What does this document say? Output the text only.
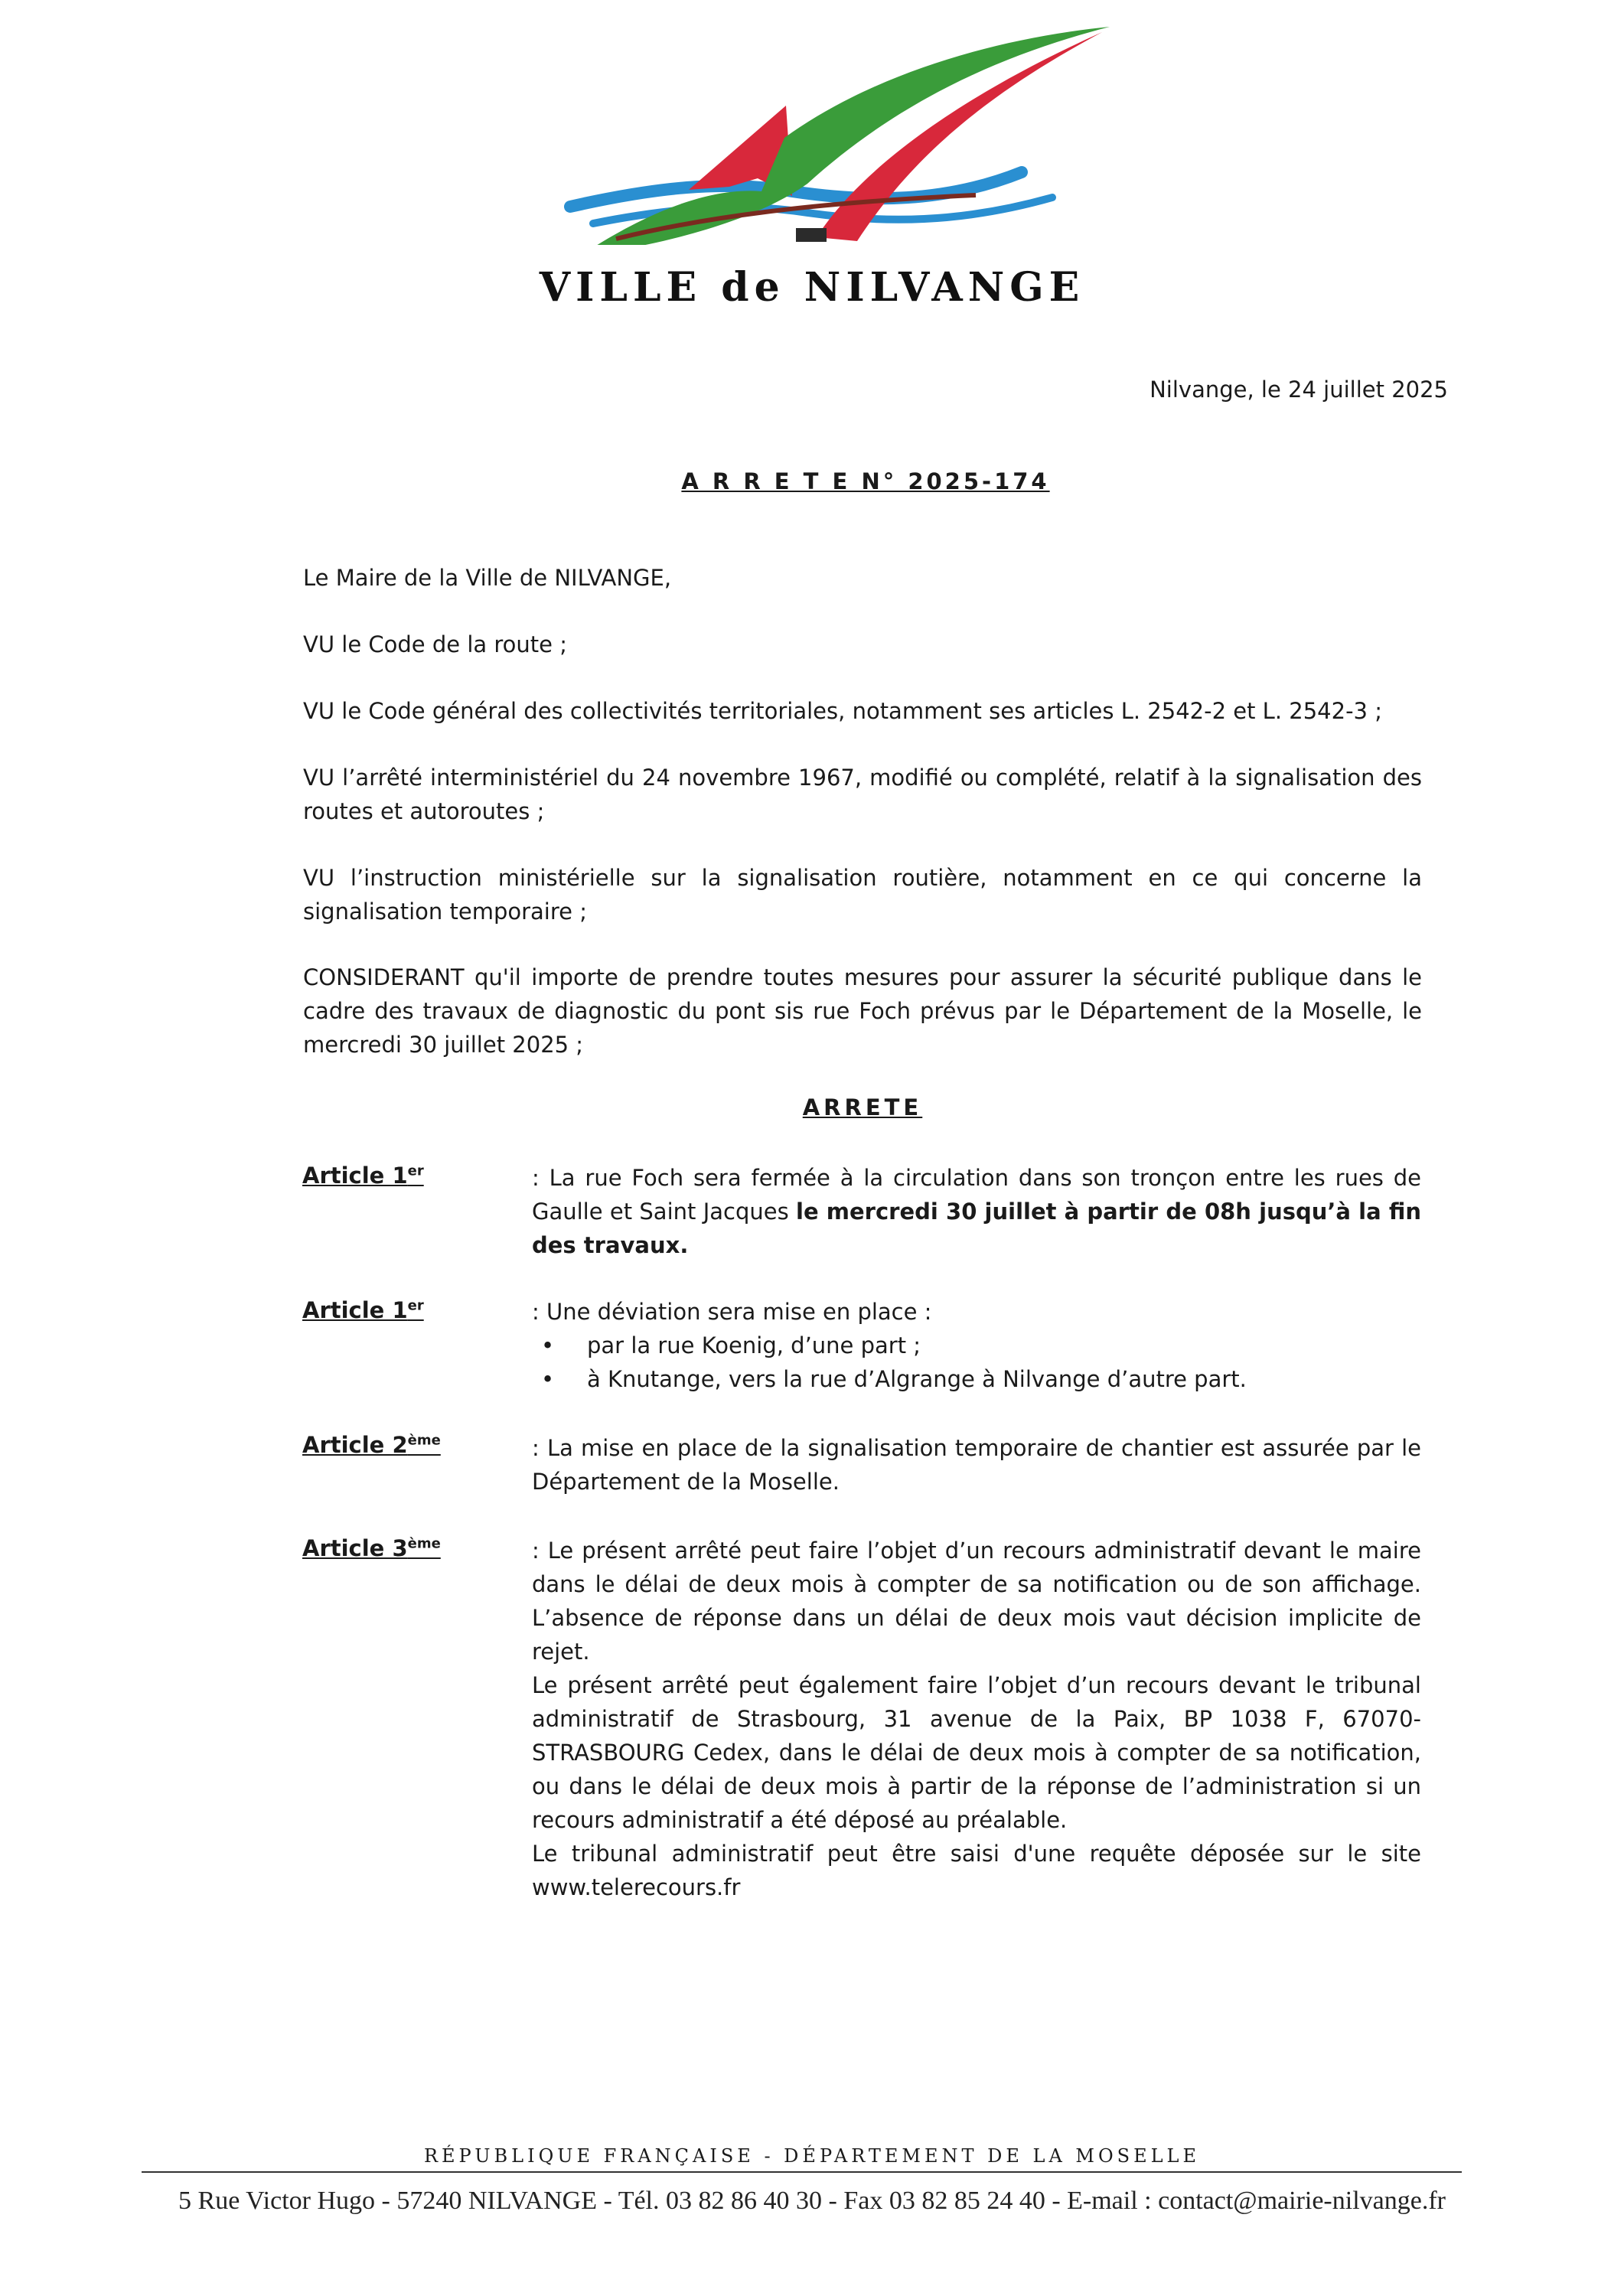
VILLE de NILVANGE
Nilvange, le 24 juillet 2025
A R R E T E N° 2025-174
Le Maire de la Ville de NILVANGE,
VU le Code de la route ;
VU le Code général des collectivités territoriales, notamment ses articles L. 2542-2 et L. 2542-3 ;
VU l’arrêté interministériel du 24 novembre 1967, modifié ou complété, relatif à la signalisation des routes et autoroutes ;
VU l’instruction ministérielle sur la signalisation routière, notamment en ce qui concerne la signalisation temporaire ;
CONSIDERANT qu'il importe de prendre toutes mesures pour assurer la sécurité publique dans le cadre des travaux de diagnostic du pont sis rue Foch prévus par le Département de la Moselle, le mercredi 30 juillet 2025 ;
ARRETE
Article 1er	: La rue Foch sera fermée à la circulation dans son tronçon entre les rues de Gaulle et Saint Jacques le mercredi 30 juillet à partir de 08h jusqu’à la fin des travaux.
Article 1er	: Une déviation sera mise en place :

• par la rue Koenig, d’une part ;
• à Knutange, vers la rue d’Algrange à Nilvange d’autre part.
Article 2ème	: La mise en place de la signalisation temporaire de chantier est assurée par le Département de la Moselle.
Article 3ème	: Le présent arrêté peut faire l’objet d’un recours administratif devant le maire dans le délai de deux mois à compter de sa notification ou de son affichage. L’absence de réponse dans un délai de deux mois vaut décision implicite de rejet.

Le présent arrêté peut également faire l’objet d’un recours devant le tribunal administratif de Strasbourg, 31 avenue de la Paix, BP 1038 F, 67070-STRASBOURG Cedex, dans le délai de deux mois à compter de sa notification, ou dans le délai de deux mois à partir de la réponse de l’administration si un recours administratif a été déposé au préalable.

Le tribunal administratif peut être saisi d'une requête déposée sur le site www.telerecours.fr

RÉPUBLIQUE FRANÇAISE - DÉPARTEMENT DE LA MOSELLE
5 Rue Victor Hugo - 57240 NILVANGE - Tél. 03 82 86 40 30 - Fax 03 82 85 24 40 - E-mail : contact@mairie-nilvange.fr
